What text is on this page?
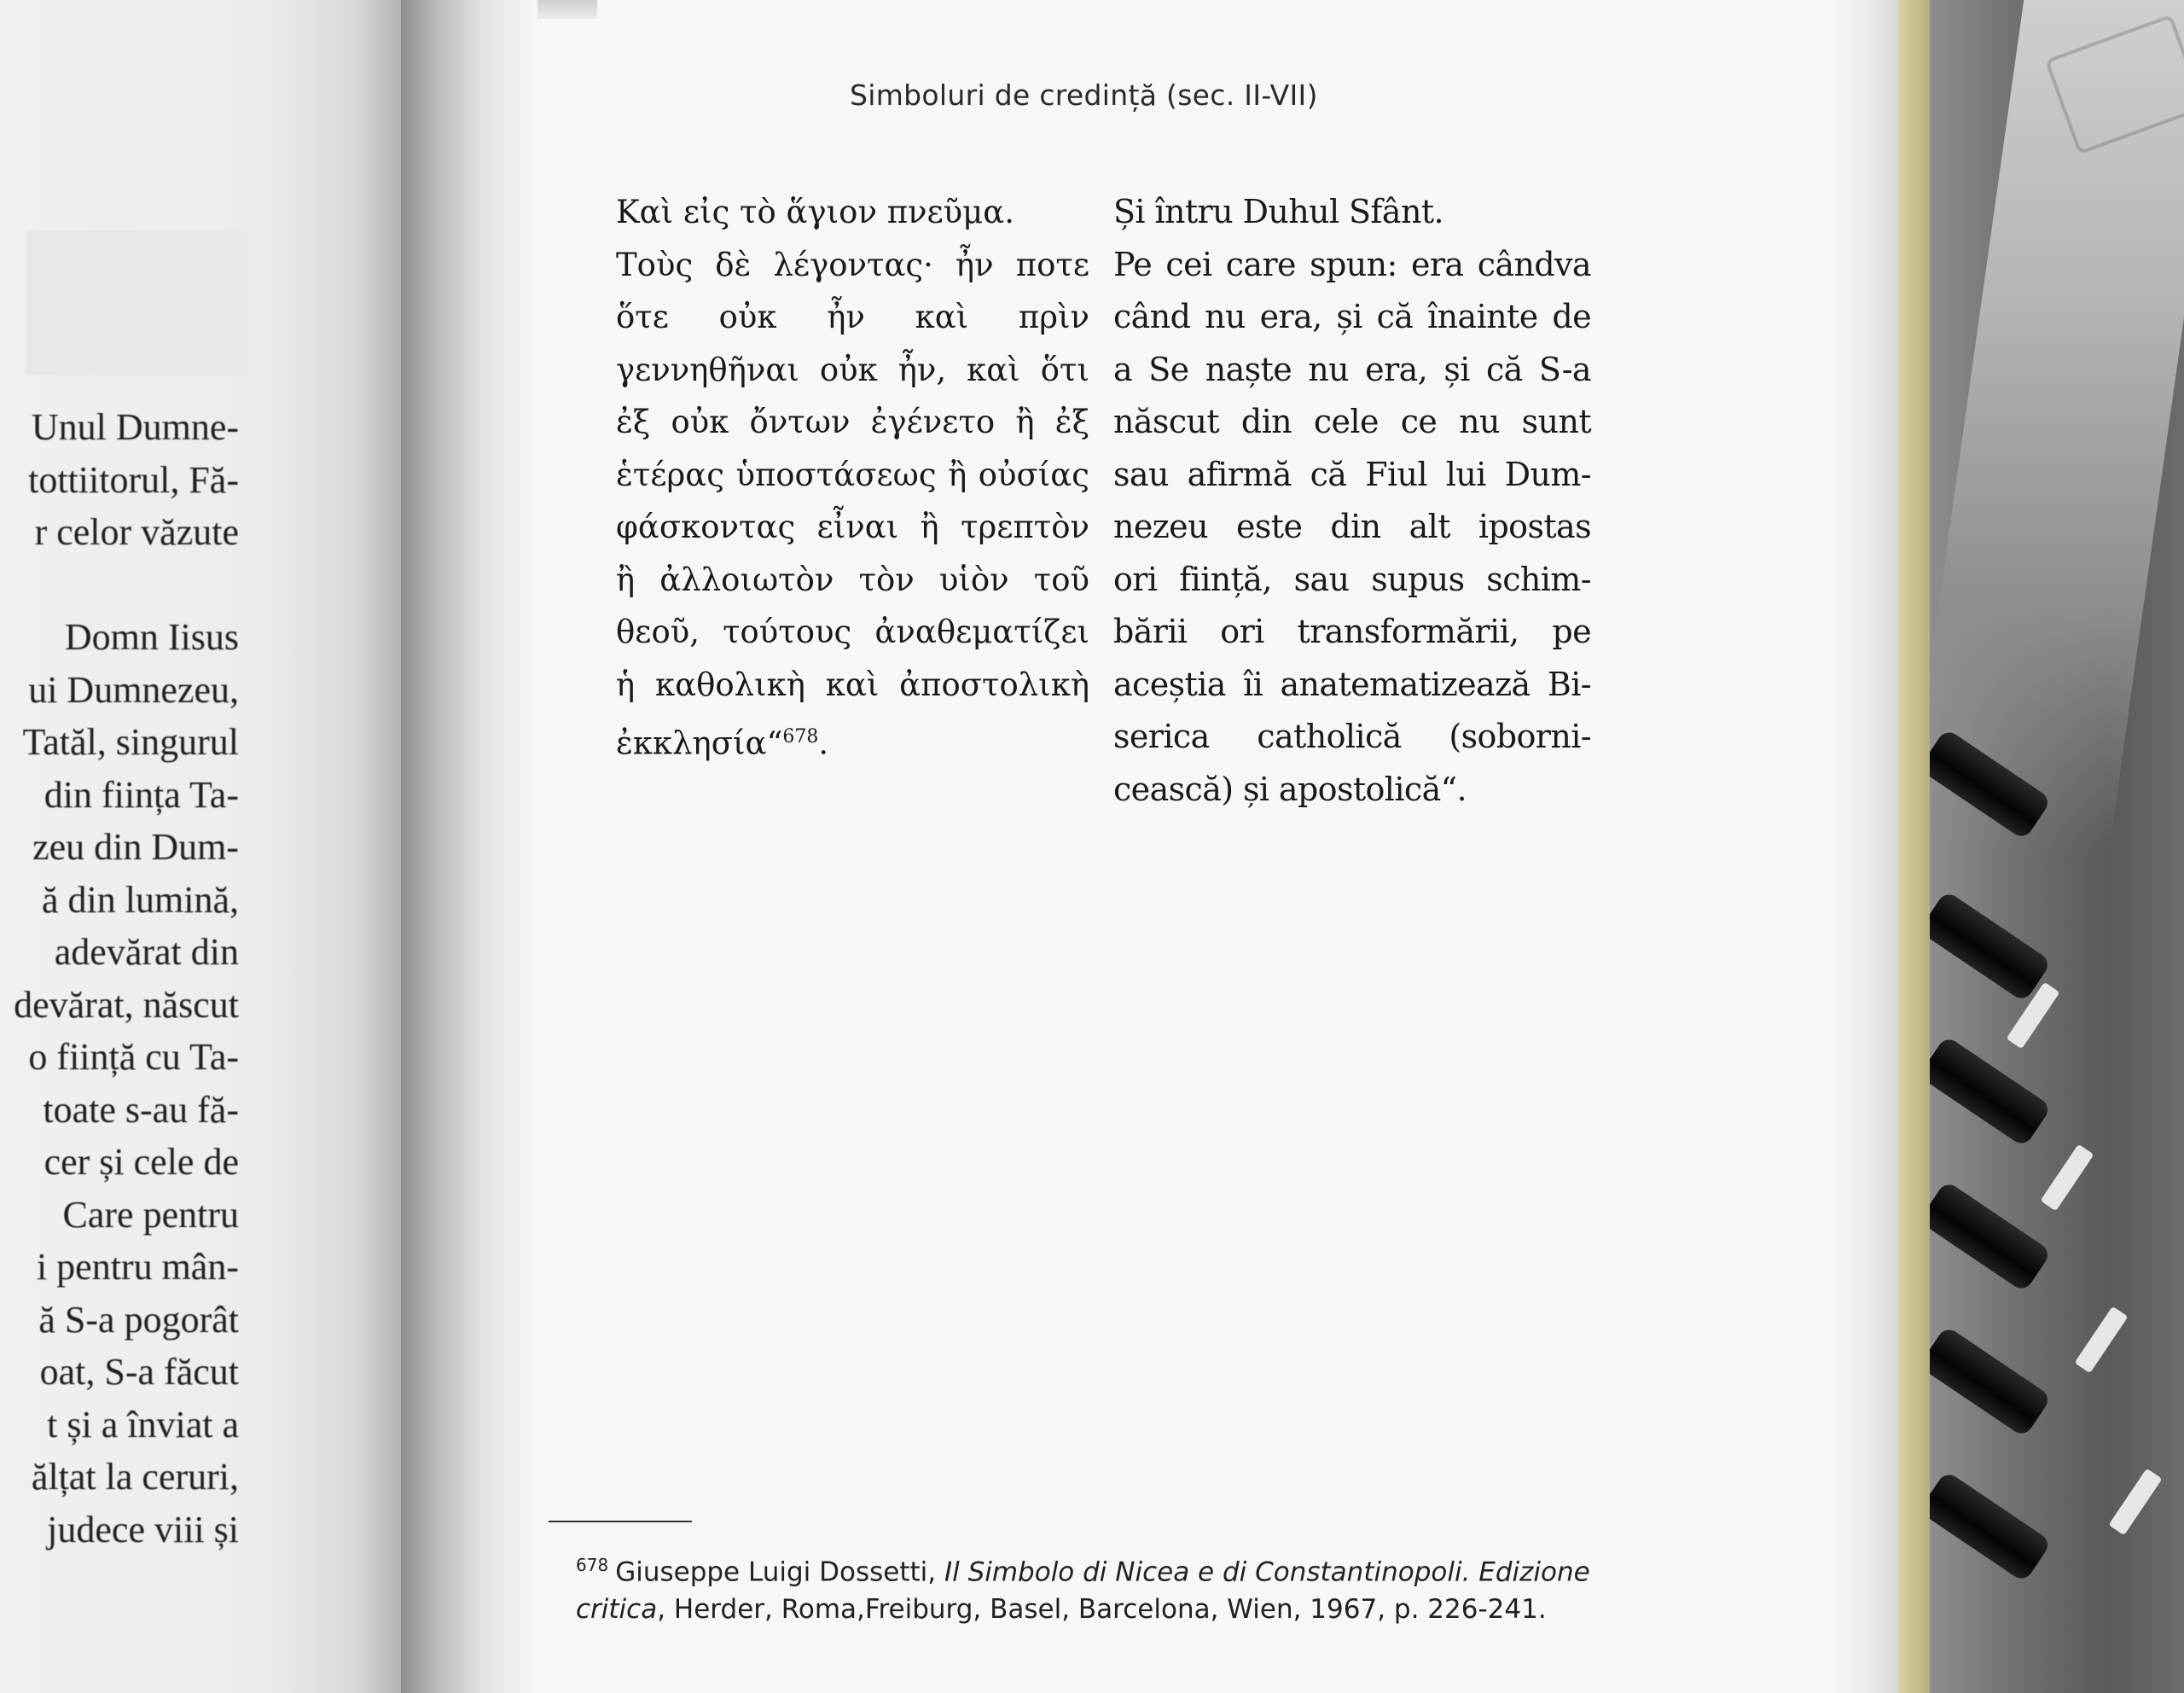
Unul Dumne-
tottiitorul, Fă-
r celor văzute

Domn Iisus
ui Dumnezeu,
Tatăl, singurul
din ființa Ta-
zeu din Dum-
ă din lumină,
adevărat din
devărat, născut
o ființă cu Ta-
toate s-au fă-
cer și cele de
Care pentru
i pentru mân-
ă S-a pogorât
oat, S-a făcut
t și a înviat a
ălțat la ceruri,
judece viii și
Simboluri de credință (sec. II-VII)
Καὶ εἰς τὸ ἅγιον πνεῦμα.
Τοὺς δὲ λέγοντας· ἦν ποτε
ὅτε οὐκ ἦν καὶ πρὶν
γεννηθῆναι οὐκ ἦν, καὶ ὅτι
ἐξ οὐκ ὄντων ἐγένετο ἢ ἐξ
ἑτέρας ὑποστάσεως ἢ οὐσίας
φάσκοντας εἶναι ἢ τρεπτὸν
ἢ ἀλλοιωτὸν τὸν υἱὸν τοῦ
θεοῦ, τούτους ἀναθεματίζει
ἡ καθολικὴ καὶ ἀποστολικὴ
ἐκκλησία“$^{678}$.
Și întru Duhul Sfânt.
Pe cei care spun: era cândva
când nu era, și că înainte de
a Se naște nu era, și că S-a
născut din cele ce nu sunt
sau afirmă că Fiul lui Dum-
nezeu este din alt ipostas
ori ființă, sau supus schim-
bării ori transformării, pe
aceștia îi anatematizează Bi-
serica catholică (soborni-
cească) și apostolică“.
$^{678}$ Giuseppe Luigi Dossetti, Il Simbolo di Nicea e di Constantinopoli. Edizione critica, Herder, Roma,Freiburg, Basel, Barcelona, Wien, 1967, p. 226-241.
